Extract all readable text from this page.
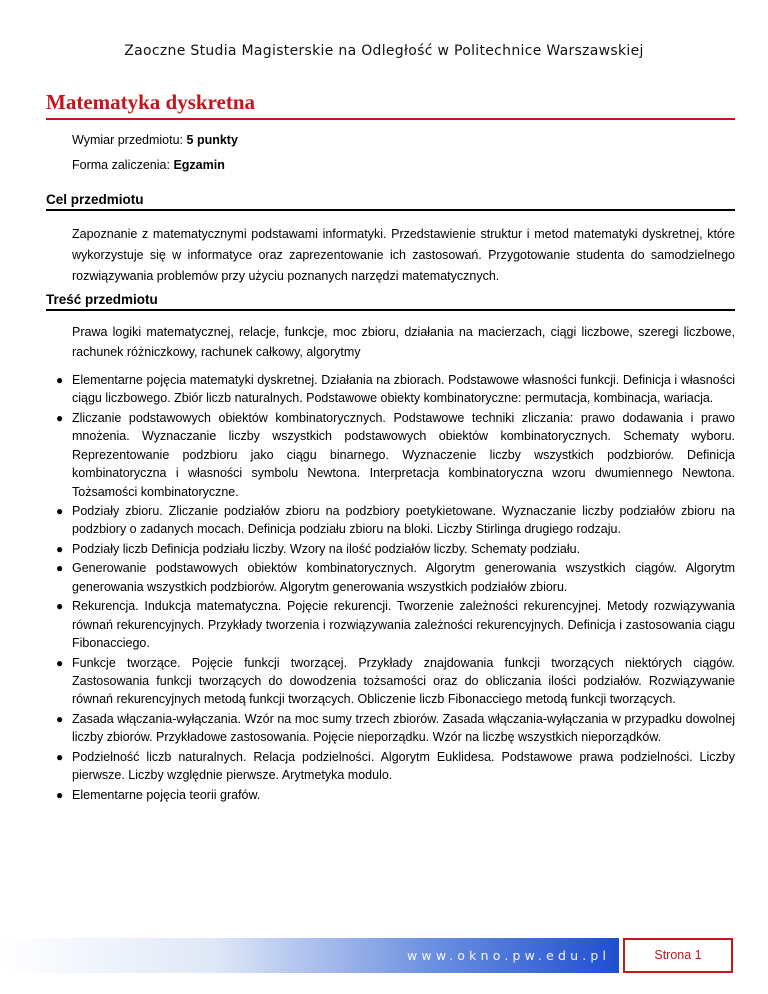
Zaoczne Studia Magisterskie na Odległość w Politechnice Warszawskiej
Matematyka dyskretna
Wymiar przedmiotu: 5 punkty
Forma zaliczenia: Egzamin
Cel przedmiotu
Zapoznanie z matematycznymi podstawami informatyki. Przedstawienie struktur i metod matematyki dyskretnej, które wykorzystuje się w informatyce oraz zaprezentowanie ich zastosowań. Przygotowanie studenta do samodzielnego rozwiązywania problemów przy użyciu poznanych narzędzi matematycznych.
Treść przedmiotu
Prawa logiki matematycznej, relacje, funkcje, moc zbioru, działania na macierzach, ciągi liczbowe, szeregi liczbowe, rachunek różniczkowy, rachunek całkowy, algorytmy
● Elementarne pojęcia matematyki dyskretnej. Działania na zbiorach. Podstawowe własności funkcji. Definicja i własności ciągu liczbowego. Zbiór liczb naturalnych. Podstawowe obiekty kombinatoryczne: permutacja, kombinacja, wariacja.
● Zliczanie podstawowych obiektów kombinatorycznych. Podstawowe techniki zliczania: prawo dodawania i prawo mnożenia. Wyznaczanie liczby wszystkich podstawowych obiektów kombinatorycznych. Schematy wyboru. Reprezentowanie podzbioru jako ciągu binarnego. Wyznaczenie liczby wszystkich podzbiorów. Definicja kombinatoryczna i własności symbolu Newtona. Interpretacja kombinatoryczna wzoru dwumiennego Newtona. Tożsamości kombinatoryczne.
● Podziały zbioru. Zliczanie podziałów zbioru na podzbiory poetykietowane. Wyznaczanie liczby podziałów zbioru na podzbiory o zadanych mocach. Definicja podziału zbioru na bloki. Liczby Stirlinga drugiego rodzaju.
● Podziały liczb Definicja podziału liczby. Wzory na ilość podziałów liczby. Schematy podziału.
● Generowanie podstawowych obiektów kombinatorycznych. Algorytm generowania wszystkich ciągów. Algorytm generowania wszystkich podzbiorów. Algorytm generowania wszystkich podziałów zbioru.
● Rekurencja. Indukcja matematyczna. Pojęcie rekurencji. Tworzenie zależności rekurencyjnej. Metody rozwiązywania równań rekurencyjnych. Przykłady tworzenia i rozwiązywania zależności rekurencyjnych. Definicja i zastosowania ciągu Fibonacciego.
● Funkcje tworzące. Pojęcie funkcji tworzącej. Przykłady znajdowania funkcji tworzących niektórych ciągów. Zastosowania funkcji tworzących do dowodzenia tożsamości oraz do obliczania ilości podziałów. Rozwiązywanie równań rekurencyjnych metodą funkcji tworzących. Obliczenie liczb Fibonacciego metodą funkcji tworzących.
● Zasada włączania-wyłączania. Wzór na moc sumy trzech zbiorów. Zasada włączania-wyłączania w przypadku dowolnej liczby zbiorów. Przykładowe zastosowania. Pojęcie nieporządku. Wzór na liczbę wszystkich nieporządków.
● Podzielność liczb naturalnych. Relacja podzielności. Algorytm Euklidesa. Podstawowe prawa podzielności. Liczby pierwsze. Liczby względnie pierwsze. Arytmetyka modulo.
● Elementarne pojęcia teorii grafów.
www.okno.pw.edu.pl	Strona 1
